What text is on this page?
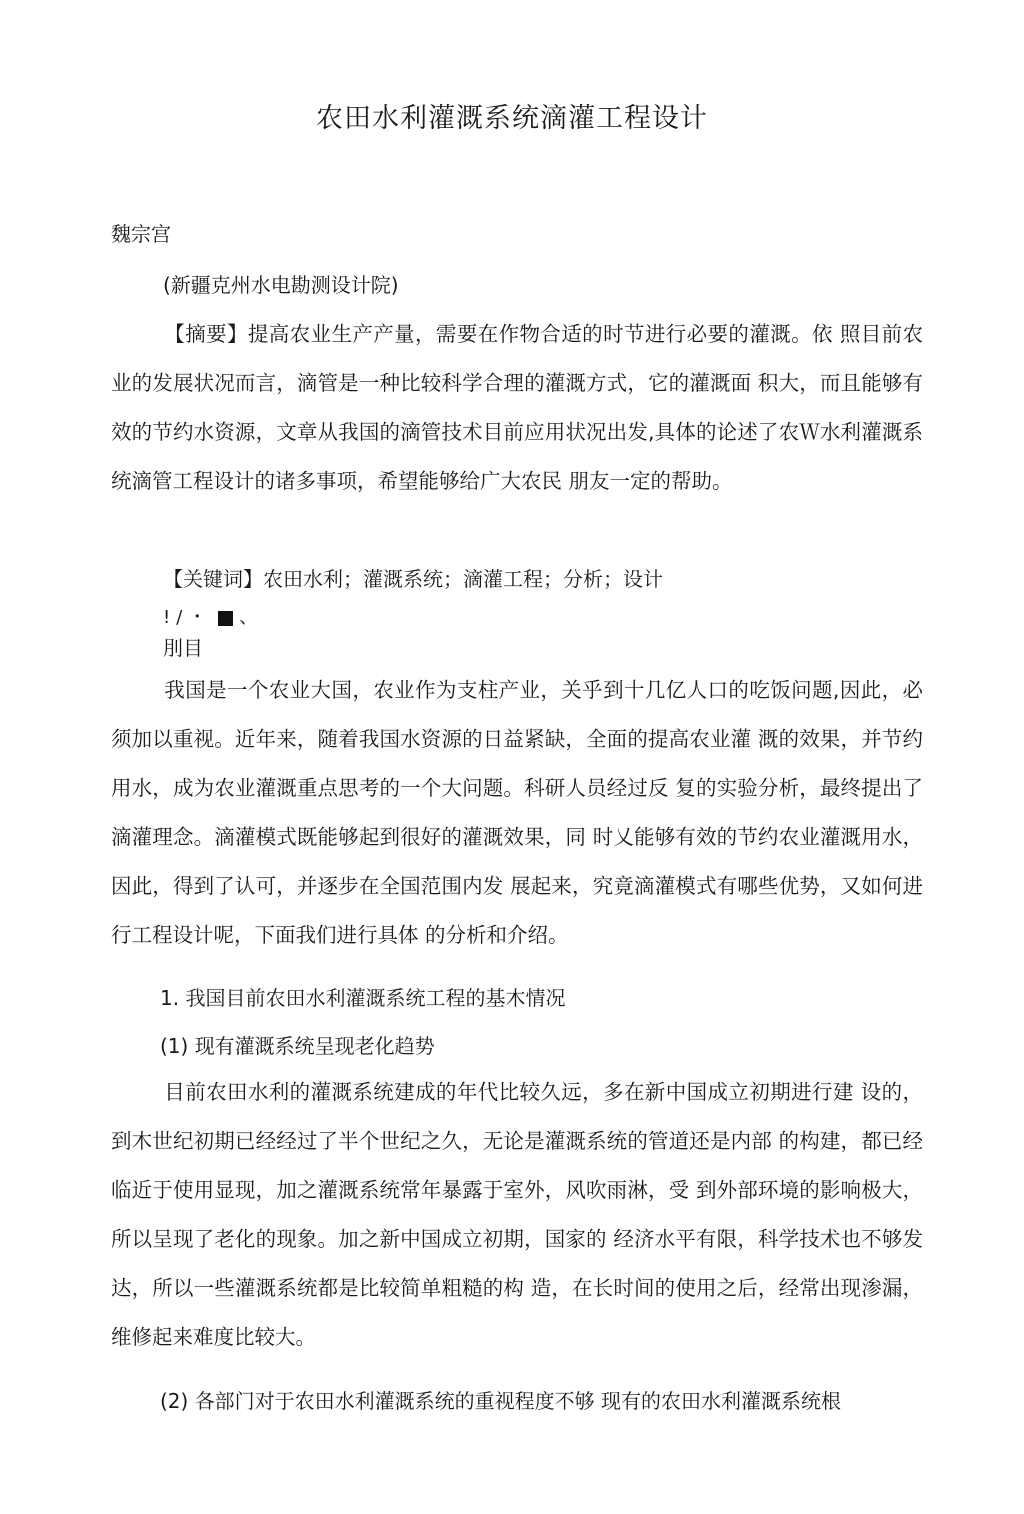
农田水利灌溉系统滴灌工程设计

魏宗宫

(新疆克州水电勘测设计院)

【摘要】提高农业生产产量，需要在作物合适的时节进行必要的灌溉。依 照目前农业的发展状况而言，滴管是一种比较科学合理的灌溉方式，它的灌溉面 积大，而且能够有效的节约水资源，文章从我国的滴管技术目前应用状况出发,具体的论述了农Ｗ水利灌溉系统滴管工程设计的诸多事项，希望能够给广大农民 朋友一定的帮助。

【关键词】农田水利；灌溉系统；滴灌工程；分析；设计

!/・ 、

刖目

我国是一个农业大国，农业作为支柱产业，关乎到十几亿人口的吃饭问题,因此，必须加以重视。近年来，随着我国水资源的日益紧缺，全面的提高农业灌 溉的效果，并节约用水，成为农业灌溉重点思考的一个大问题。科研人员经过反 复的实验分析，最终提出了滴灌理念。滴灌模式既能够起到很好的灌溉效果，同 时乂能够有效的节约农业灌溉用水，因此，得到了认可，并逐步在全国范围内发 展起来，究竟滴灌模式有哪些优势，又如何进行工程设计呢，下面我们进行具体 的分析和介绍。

1. 我国目前农田水利灌溉系统工程的基木情况

(1) 现有灌溉系统呈现老化趋势

目前农田水利的灌溉系统建成的年代比较久远，多在新中国成立初期进行建 设的，到木世纪初期已经经过了半个世纪之久，无论是灌溉系统的管道还是内部 的构建，都已经临近于使用显现，加之灌溉系统常年暴露于室外，风吹雨淋，受 到外部环境的影响极大，所以呈现了老化的现象。加之新中国成立初期，国家的 经济水平有限，科学技术也不够发达，所以一些灌溉系统都是比较简单粗糙的构 造，在长时间的使用之后，经常出现渗漏，维修起来难度比较大。

(2) 各部门对于农田水利灌溉系统的重视程度不够 现有的农田水利灌溉系统根
